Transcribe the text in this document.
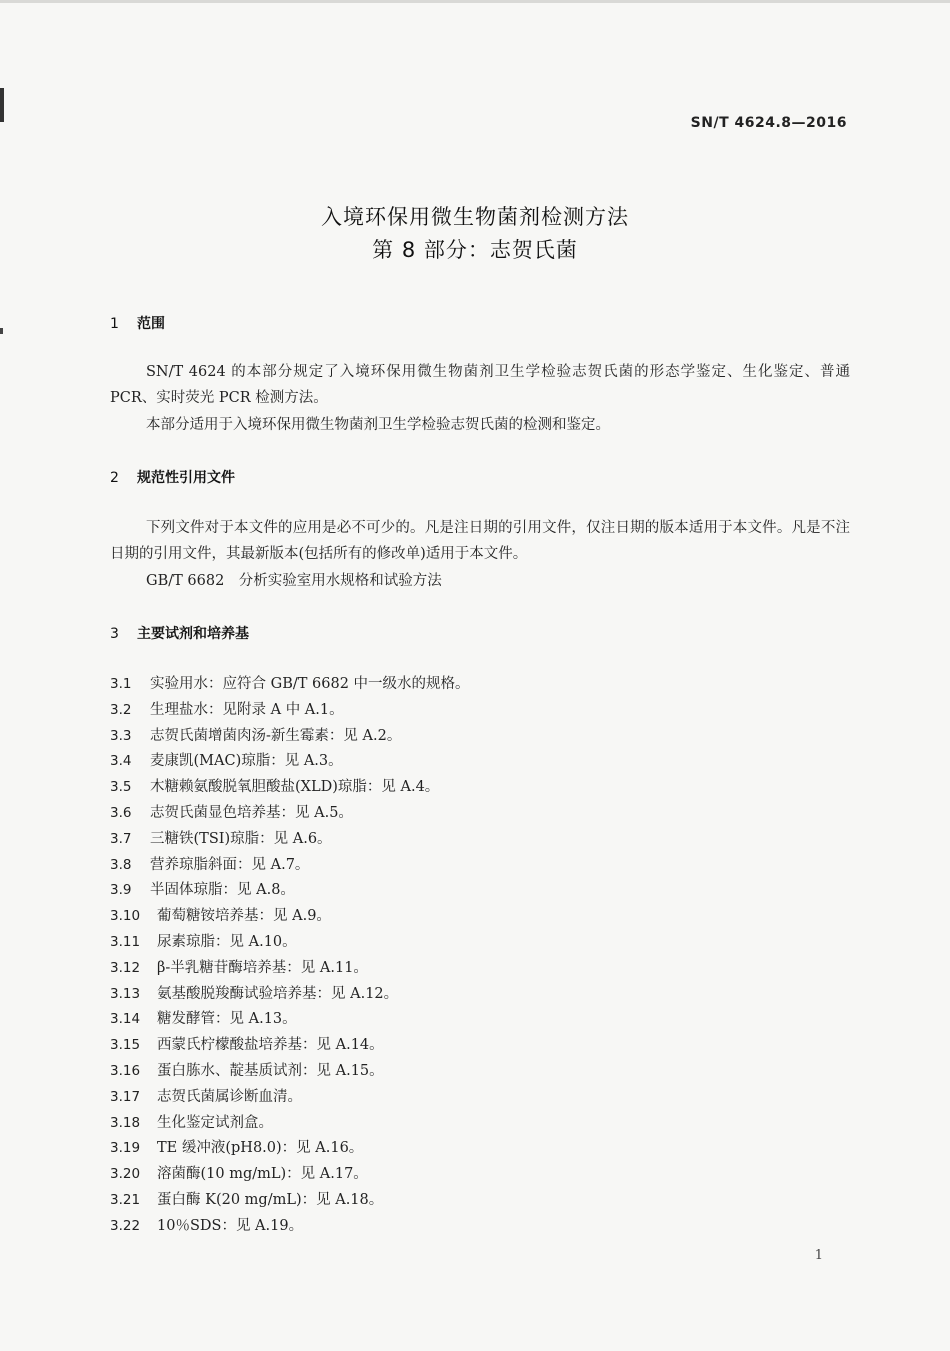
SN/T 4624.8—2016
入境环保用微生物菌剂检测方法
第 8 部分：志贺氏菌
1 范围
SN/T 4624 的本部分规定了入境环保用微生物菌剂卫生学检验志贺氏菌的形态学鉴定、生化鉴定、普通 PCR、实时荧光 PCR 检测方法。
本部分适用于入境环保用微生物菌剂卫生学检验志贺氏菌的检测和鉴定。
2 规范性引用文件
下列文件对于本文件的应用是必不可少的。凡是注日期的引用文件，仅注日期的版本适用于本文件。凡是不注日期的引用文件，其最新版本(包括所有的修改单)适用于本文件。
GB/T 6682　分析实验室用水规格和试验方法
3 主要试剂和培养基
3.1 实验用水：应符合 GB/T 6682 中一级水的规格。
3.2 生理盐水：见附录 A 中 A.1。
3.3 志贺氏菌增菌肉汤-新生霉素：见 A.2。
3.4 麦康凯(MAC)琼脂：见 A.3。
3.5 木糖赖氨酸脱氧胆酸盐(XLD)琼脂：见 A.4。
3.6 志贺氏菌显色培养基：见 A.5。
3.7 三糖铁(TSI)琼脂：见 A.6。
3.8 营养琼脂斜面：见 A.7。
3.9 半固体琼脂：见 A.8。
3.10 葡萄糖铵培养基：见 A.9。
3.11 尿素琼脂：见 A.10。
3.12 β-半乳糖苷酶培养基：见 A.11。
3.13 氨基酸脱羧酶试验培养基：见 A.12。
3.14 糖发酵管：见 A.13。
3.15 西蒙氏柠檬酸盐培养基：见 A.14。
3.16 蛋白胨水、靛基质试剂：见 A.15。
3.17 志贺氏菌属诊断血清。
3.18 生化鉴定试剂盒。
3.19 TE 缓冲液(pH8.0)：见 A.16。
3.20 溶菌酶(10 mg/mL)：见 A.17。
3.21 蛋白酶 K(20 mg/mL)：见 A.18。
3.22 10％SDS：见 A.19。
1
